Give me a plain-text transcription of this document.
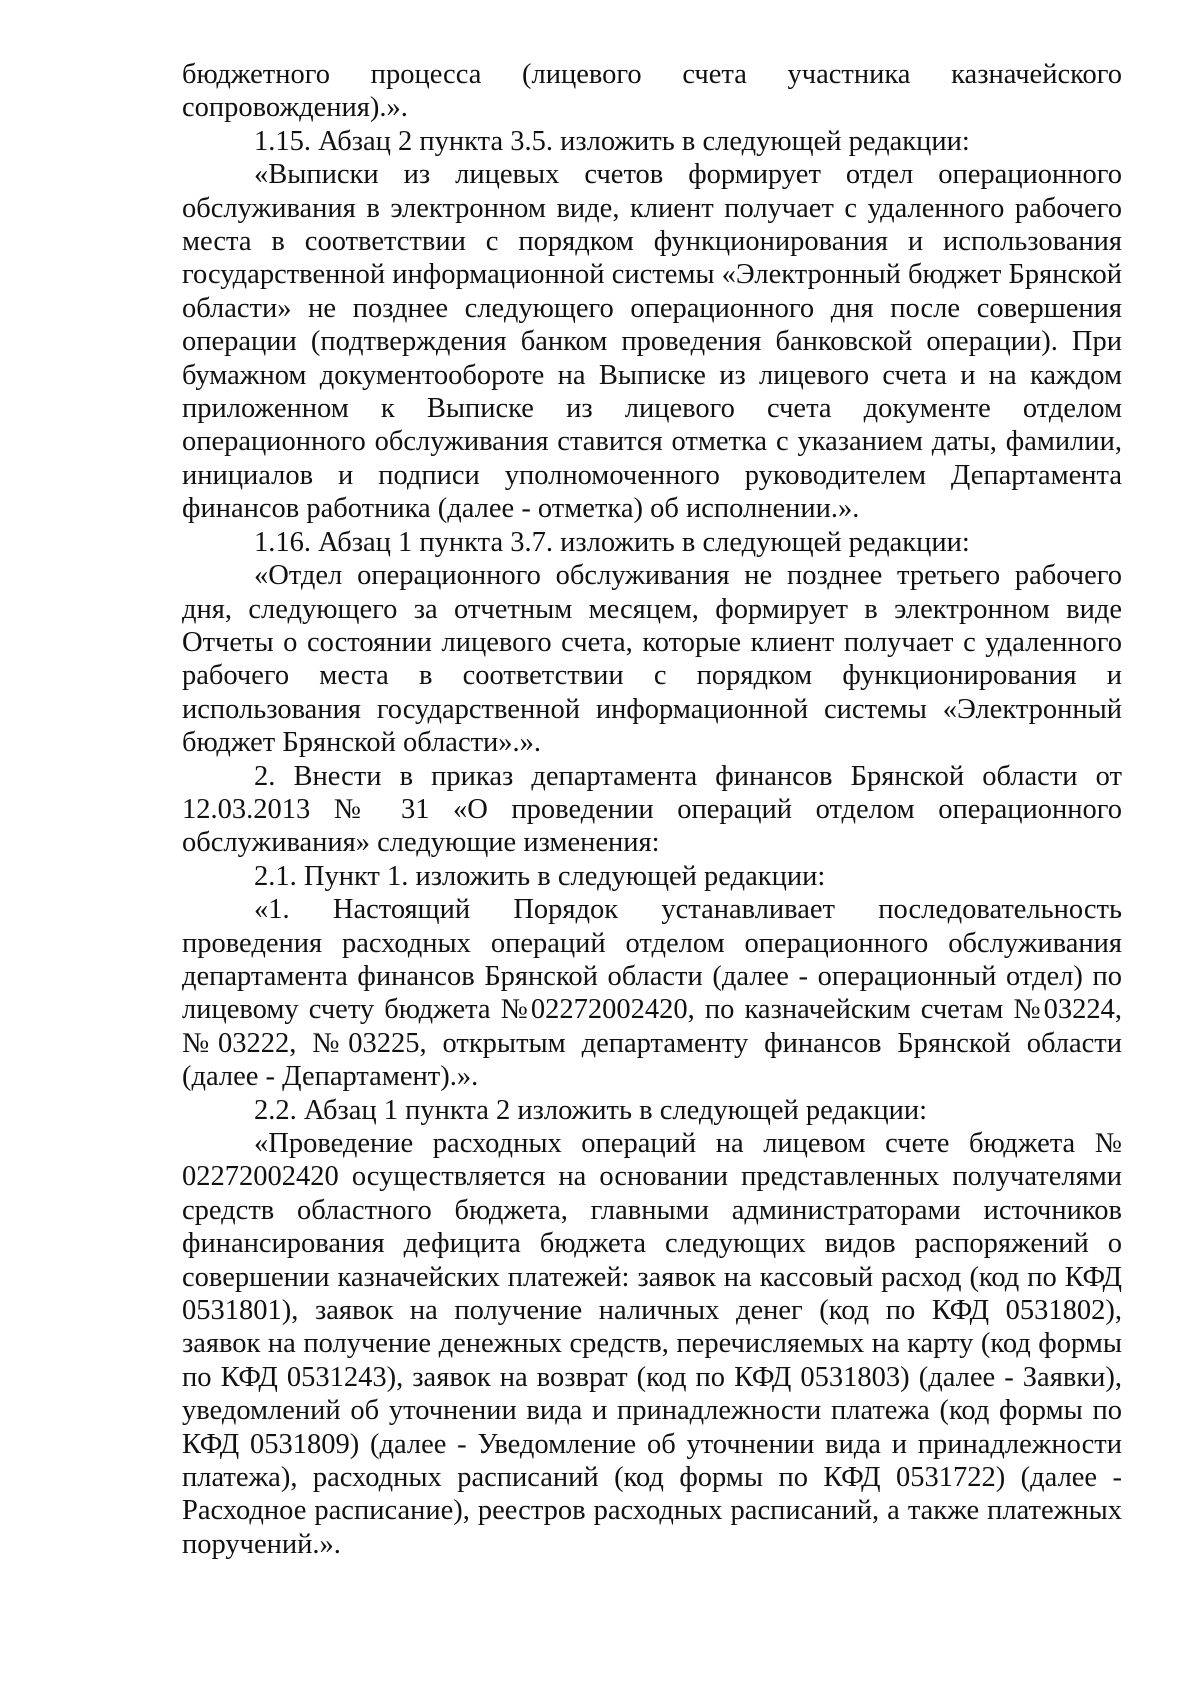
бюджетного процесса (лицевого счета участника казначейского сопровождения).».

1.15. Абзац 2 пункта 3.5. изложить в следующей редакции:

«Выписки из лицевых счетов формирует отдел операционного обслуживания в электронном виде, клиент получает с удаленного рабочего места в соответствии с порядком функционирования и использования государственной информационной системы «Электронный бюджет Брянской области» не позднее следующего операционного дня после совершения операции (подтверждения банком проведения банковской операции). При бумажном документообороте на Выписке из лицевого счета и на каждом приложенном к Выписке из лицевого счета документе отделом операционного обслуживания ставится отметка с указанием даты, фамилии, инициалов и подписи уполномоченного руководителем Департамента финансов работника (далее - отметка) об исполнении.».

1.16. Абзац 1 пункта 3.7. изложить в следующей редакции:

«Отдел операционного обслуживания не позднее третьего рабочего дня, следующего за отчетным месяцем, формирует в электронном виде Отчеты о состоянии лицевого счета, которые клиент получает с удаленного рабочего места в соответствии с порядком функционирования и использования государственной информационной системы «Электронный бюджет Брянской области».».

2. Внести в приказ департамента финансов Брянской области от 12.03.2013 № 31 «О проведении операций отделом операционного обслуживания» следующие изменения:

2.1. Пункт 1. изложить в следующей редакции:

«1. Настоящий Порядок устанавливает последовательность проведения расходных операций отделом операционного обслуживания департамента финансов Брянской области (далее - операционный отдел) по лицевому счету бюджета №02272002420, по казначейским счетам №03224, №03222, №03225, открытым департаменту финансов Брянской области (далее - Департамент).».

2.2. Абзац 1 пункта 2 изложить в следующей редакции:

«Проведение расходных операций на лицевом счете бюджета № 02272002420 осуществляется на основании представленных получателями средств областного бюджета, главными администраторами источников финансирования дефицита бюджета следующих видов распоряжений о совершении казначейских платежей: заявок на кассовый расход (код по КФД 0531801), заявок на получение наличных денег (код по КФД 0531802), заявок на получение денежных средств, перечисляемых на карту (код формы по КФД 0531243), заявок на возврат (код по КФД 0531803) (далее - Заявки), уведомлений об уточнении вида и принадлежности платежа (код формы по КФД 0531809) (далее - Уведомление об уточнении вида и принадлежности платежа), расходных расписаний (код формы по КФД 0531722) (далее - Расходное расписание), реестров расходных расписаний, а также платежных поручений.».
